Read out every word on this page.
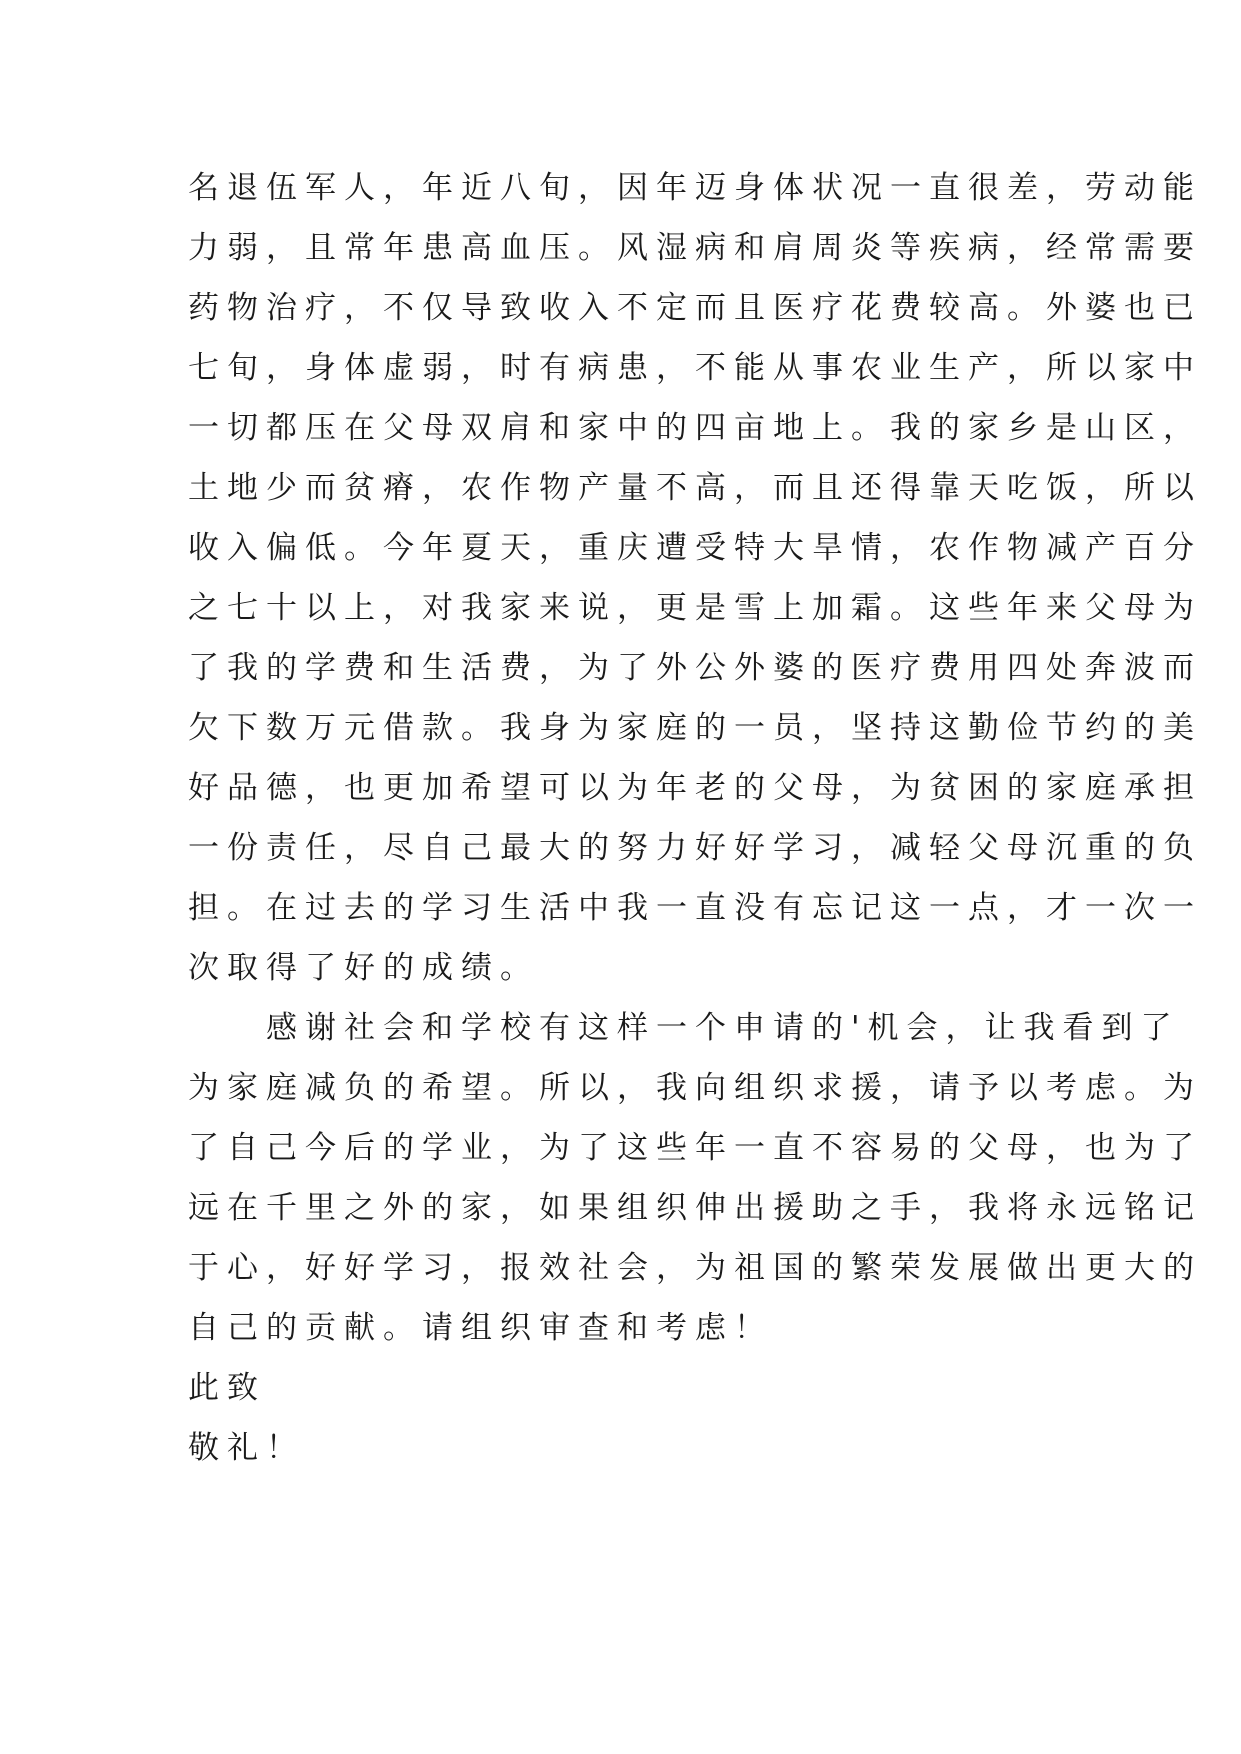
名退伍军人，年近八旬，因年迈身体状况一直很差，劳动能
力弱，且常年患高血压。风湿病和肩周炎等疾病，经常需要
药物治疗，不仅导致收入不定而且医疗花费较高。外婆也已
七旬，身体虚弱，时有病患，不能从事农业生产，所以家中
一切都压在父母双肩和家中的四亩地上。我的家乡是山区，
土地少而贫瘠，农作物产量不高，而且还得靠天吃饭，所以
收入偏低。今年夏天，重庆遭受特大旱情，农作物减产百分
之七十以上，对我家来说，更是雪上加霜。这些年来父母为
了我的学费和生活费，为了外公外婆的医疗费用四处奔波而
欠下数万元借款。我身为家庭的一员，坚持这勤俭节约的美
好品德，也更加希望可以为年老的父母，为贫困的家庭承担
一份责任，尽自己最大的努力好好学习，减轻父母沉重的负
担。在过去的学习生活中我一直没有忘记这一点，才一次一
次取得了好的成绩。
　　感谢社会和学校有这样一个申请的'机会，让我看到了
为家庭减负的希望。所以，我向组织求援，请予以考虑。为
了自己今后的学业，为了这些年一直不容易的父母，也为了
远在千里之外的家，如果组织伸出援助之手，我将永远铭记
于心，好好学习，报效社会，为祖国的繁荣发展做出更大的
自己的贡献。请组织审查和考虑！
此致
敬礼！
